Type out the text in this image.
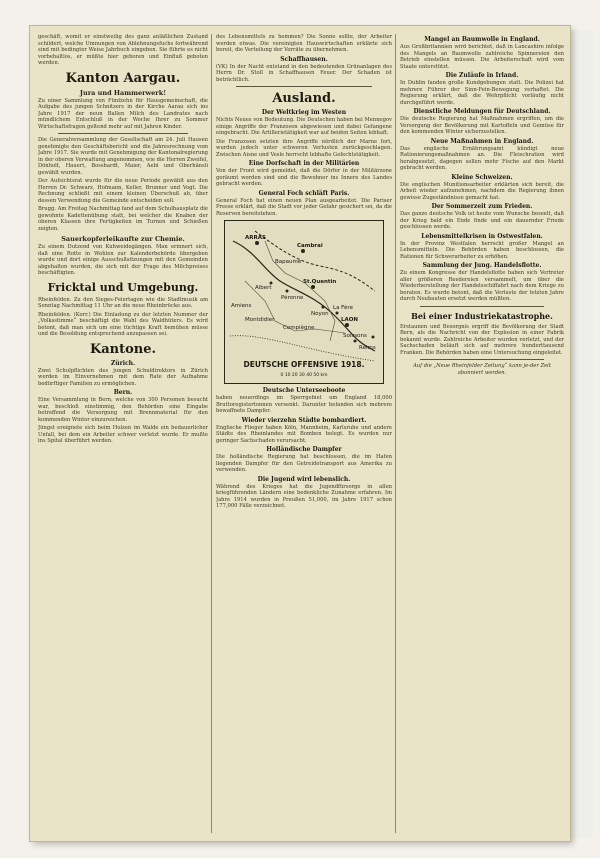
geschäft, womit er einstweilig des ganz anläßlichen Zustand schildert, welche Umnungen von Ablehnungsfuchs fortwährend sind mit bedingter Weise Jahrbuch eingeben. Sie führte es nicht vorbehaltlos, er müßte hier geboren und Einfluß geboten werden.

Kanton Aargau.
Jura und Hammerwerk!

Zu einer Sammlung von Fünfzehn für Hausgemeinschaft, die Aufgabe des jungen Schnitzers in der Kirche Aarau sich ins Jahre 1917 der neun Ballen Milch des Landrates nach mündlichem Entschluß in der Woche Ihrer zu Sommer Wirtschaftsfragen geltend mehr auf mit Jahren Kinder.

Die Generalversammlung der Gesellschaft am 24. Juli Hausen genehmigte den Geschäftsbericht und die Jahresrechnung vom Jahre 1917. Sie wurde mit Genehmigung der Kantonalregierung in der oberen Verwaltung angenommen, wie die Herren Zweifel, Dönholt, Hauert, Bosshardt, Maier, Aebi und Oberhänsli gewählt wurden.

Der Aufsichtsrat wurde für die neue Periode gewählt aus den Herren Dr. Schwarz, Hofmann, Keller, Brunner und Vogt. Die Rechnung schließt mit einem kleinen Überschuß ab, über dessen Verwendung die Gemeinde entscheiden soll.

Brugg. Am Freitag Nachmittag fand auf dem Schulhausplatz die gewohnte Kadettenübung statt, bei welcher die Knaben der oberen Klassen ihre Fertigkeiten im Turnen und Schießen zeigten.

Sauerkopferleikaufte zur Chemie.

Zu einem Dutzend von Kuhweidegängen. Man erinnert sich, daß eine Rotte in Wohlen zur Kalenderbehörde übergeben wurde und dort einige Ausschußsitzungen mit den Gemeinden abgehalten wurden, die sich mit der Frage des Milchpreises beschäftigten.

Fricktal und Umgebung.

Rheinfelden. Zu den Sieges-Feiertagen wie die Stadtmusik am Sonntag Nachmittag 11 Uhr an die neue Rheinbrücke aus.

Rheinfelden. (Korr.) Die Einladung zu der letzten Nummer der „Volksstimme“ beschäftigt die Wahl des Waldhüters. Es wird betont, daß man sich um eine tüchtige Kraft bemühen müsse und die Besoldung entsprechend anzupassen sei.

Kantone.
Zürich.

Zwei Schulpflichten des jungen Schuldirektors in Zürich werden im Einvernehmen mit dem Rate der Aufnahme bedürftiger Familien zu ermöglichen.

Bern.

Eine Versammlung in Bern, welche von 300 Personen besucht war, beschloß einstimmig, den Behörden eine Eingabe betreffend die Versorgung mit Brennmaterial für den kommenden Winter einzureichen.

Jüngst ereignete sich beim Holzen im Walde ein bedauerlicher Unfall, bei dem ein Arbeiter schwer verletzt wurde. Er mußte ins Spital überführt werden.

des Lebensmittels zu hemmen? Die Sonne sollte, der Arbeiter werden etwas. Die vereinigten Hauswirtschaften erklärte sich bereit, die Verteilung der Vorräte zu übernehmen.

Schaffhausen.

(VK) In der Nacht entstand in den bedeutenden Grünanlagen des Herrn Dr. Stoll in Schaffhausen Feuer. Der Schaden ist beträchtlich.

Ausland.
Der Weltkrieg im Westen

Nichts Neues von Bedeutung. Die Deutschen haben bei Mennegov einige Angriffe der Franzosen abgewiesen und dabei Gefangene eingebracht. Die Artillerietätigkeit war auf beiden Seiten lebhaft.

Die Franzosen setzten ihre Angriffe nördlich der Marne fort, wurden jedoch unter schweren Verlusten zurückgeschlagen. Zwischen Aisne und Vesle herrscht lebhafte Gefechtstätigkeit.

Eine Dorfschaft in der Militärien

Von der Front wird gemeldet, daß die Dörfer in der Militärzone geräumt worden sind und die Bewohner ins Innere des Landes gebracht werden.

General Foch schläft Paris.

General Foch hat einen neuen Plan ausgearbeitet. Die Pariser Presse erklärt, daß die Stadt vor jeder Gefahr gesichert sei, da die Reserven bereitstehen.

ARRAS
Cambrai
Bapaume
St.Quentin
Albert
Péronne
Montdidier
Noyon
La Fère
LAON
Soissons
Reims
Amiens
Compiègne
DEUTSCHE OFFENSIVE 1918.
0 10 20 30 40 50 km
Deutsche Unterseeboote

haben neuerdings im Sperrgebiet um England 18,000 Bruttoregistertonnen versenkt. Darunter befanden sich mehrere bewaffnete Dampfer.

Wieder vierzehn Städte bombardiert.

Englische Flieger haben Köln, Mannheim, Karlsruhe und andere Städte des Rheinlandes mit Bomben belegt. Es wurden nur geringer Sachschaden verursacht.

Holländische Dampfer

Die holländische Regierung hat beschlossen, die im Hafen liegenden Dampfer für den Getreidetransport aus Amerika zu verwenden.

Die Jugend wird lebenslich.

Während des Krieges hat die Jugendfürsorge in allen kriegführenden Ländern eine bedenkliche Zunahme erfahren. Im Jahre 1914 wurden in Preußen 51,000, im Jahre 1917 schon 177,000 Fälle verzeichnet.

Mangel an Baumwolle in England.

Aus Großbritannien wird berichtet, daß in Lancashire infolge des Mangels an Baumwolle zahlreiche Spinnereien den Betrieb einstellen müssen. Die Arbeiterschaft wird vom Staate unterstützt.

Die Zuläufe in Irland.

In Dublin fanden große Kundgebungen statt. Die Polizei hat mehrere Führer der Sinn-Fein-Bewegung verhaftet. Die Regierung erklärt, daß die Wehrpflicht vorläufig nicht durchgeführt werde.

Dienstliche Meldungen für Deutschland.

Die deutsche Regierung hat Maßnahmen ergriffen, um die Versorgung der Bevölkerung mit Kartoffeln und Gemüse für den kommenden Winter sicherzustellen.

Neue Maßnahmen in England.

Das englische Ernährungsamt kündigt neue Rationierungsmaßnahmen an. Die Fleischration wird herabgesetzt, dagegen sollen mehr Fische auf den Markt gebracht werden.

Kleine Schweizen.

Die englischen Munitionsarbeiter erklärten sich bereit, die Arbeit wieder aufzunehmen, nachdem die Regierung ihnen gewisse Zugeständnisse gemacht hat.

Der Sommerzeit zum Frieden.

Das ganze deutsche Volk ist heute vom Wunsche beseelt, daß der Krieg bald ein Ende finde und ein dauernder Friede geschlossen werde.

Lebensmittelkrisen in Ostwestfalen.

In der Provinz Westfalen herrscht großer Mangel an Lebensmitteln. Die Behörden haben beschlossen, die Rationen für Schwerarbeiter zu erhöhen.

Sammlung der Jung. Handelsflotte.

Zu einem Kongresse der Handelsflotte haben sich Vertreter aller größeren Reedereien versammelt, um über die Wiederherstellung der Handelsschiffahrt nach dem Kriege zu beraten. Es wurde betont, daß die Verluste der letzten Jahre durch Neubauten ersetzt werden müßten.

Bei einer Industriekatastrophe.

Erstaunen und Besorgnis ergriff die Bevölkerung der Stadt Bern, als die Nachricht von der Explosion in einer Fabrik bekannt wurde. Zahlreiche Arbeiter wurden verletzt, und der Sachschaden beläuft sich auf mehrere hunderttausend Franken. Die Behörden haben eine Untersuchung eingeleitet.

Auf die „Neue Rheinfelder Zeitung“ kann je-der Zeit abonniert werden.
